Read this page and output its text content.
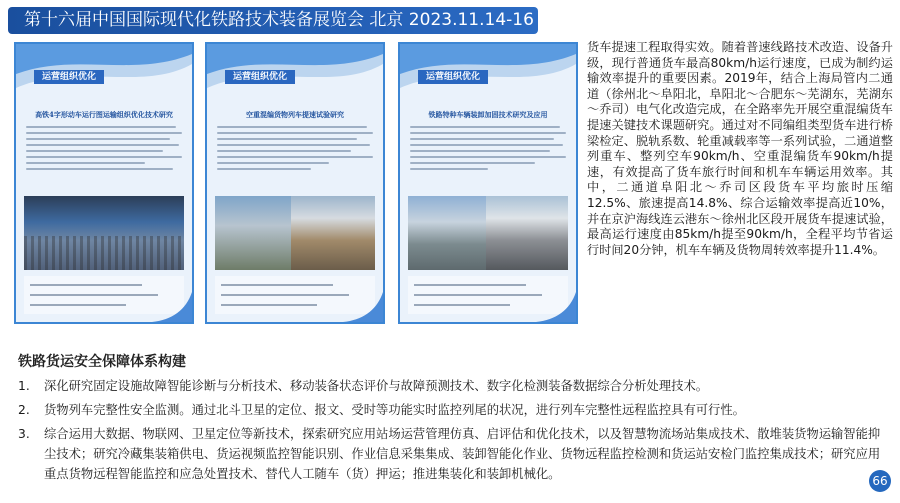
第十六届中国国际现代化铁路技术装备展览会 北京 2023.11.14-16
运营组织优化
高铁4字形动车运行图运输组织优化技术研究
运营组织优化
空重混编货物列车提速试验研究
运营组织优化
铁路特种车辆装卸加固技术研究及应用
货车提速工程取得实效。随着普速线路技术改造、设备升级，现行普通货车最高80km/h运行速度，已成为制约运输效率提升的重要因素。2019年，结合上海局管内二通道（徐州北～阜阳北，阜阳北～合肥东～芜湖东，芜湖东～乔司）电气化改造完成，在全路率先开展空重混编货车提速关键技术课题研究。通过对不同编组类型货车进行桥梁检定、脱轨系数、轮重减载率等一系列试验，二通道整列重车、整列空车90km/h、空重混编货车90km/h提速，有效提高了货车旅行时间和机车车辆运用效率。其中，二通道阜阳北～乔司区段货车平均旅时压缩12.5%、旅速提高14.8%、综合运输效率提高近10%，并在京沪海线连云港东～徐州北区段开展货车提速试验，最高运行速度由85km/h提至90km/h，全程平均节省运行时间20分钟，机车车辆及货物周转效率提升11.4%。
铁路货运安全保障体系构建
1. 深化研究固定设施故障智能诊断与分析技术、移动装备状态评价与故障预测技术、数字化检测装备数据综合分析处理技术。
2. 货物列车完整性安全监测。通过北斗卫星的定位、报文、受时等功能实时监控列尾的状况，进行列车完整性远程监控具有可行性。
3. 综合运用大数据、物联网、卫星定位等新技术，探索研究应用站场运营管理仿真、启评估和优化技术，以及智慧物流场站集成技术、散堆装货物运输智能抑尘技术；研究冷藏集装箱供电、货运视频监控智能识别、作业信息采集集成、装卸智能化作业、货物远程监控检测和货运站安检门监控集成技术；研究应用重点货物远程智能监控和应急处置技术、替代人工随车（货）押运；推进集装化和装卸机械化。	66
